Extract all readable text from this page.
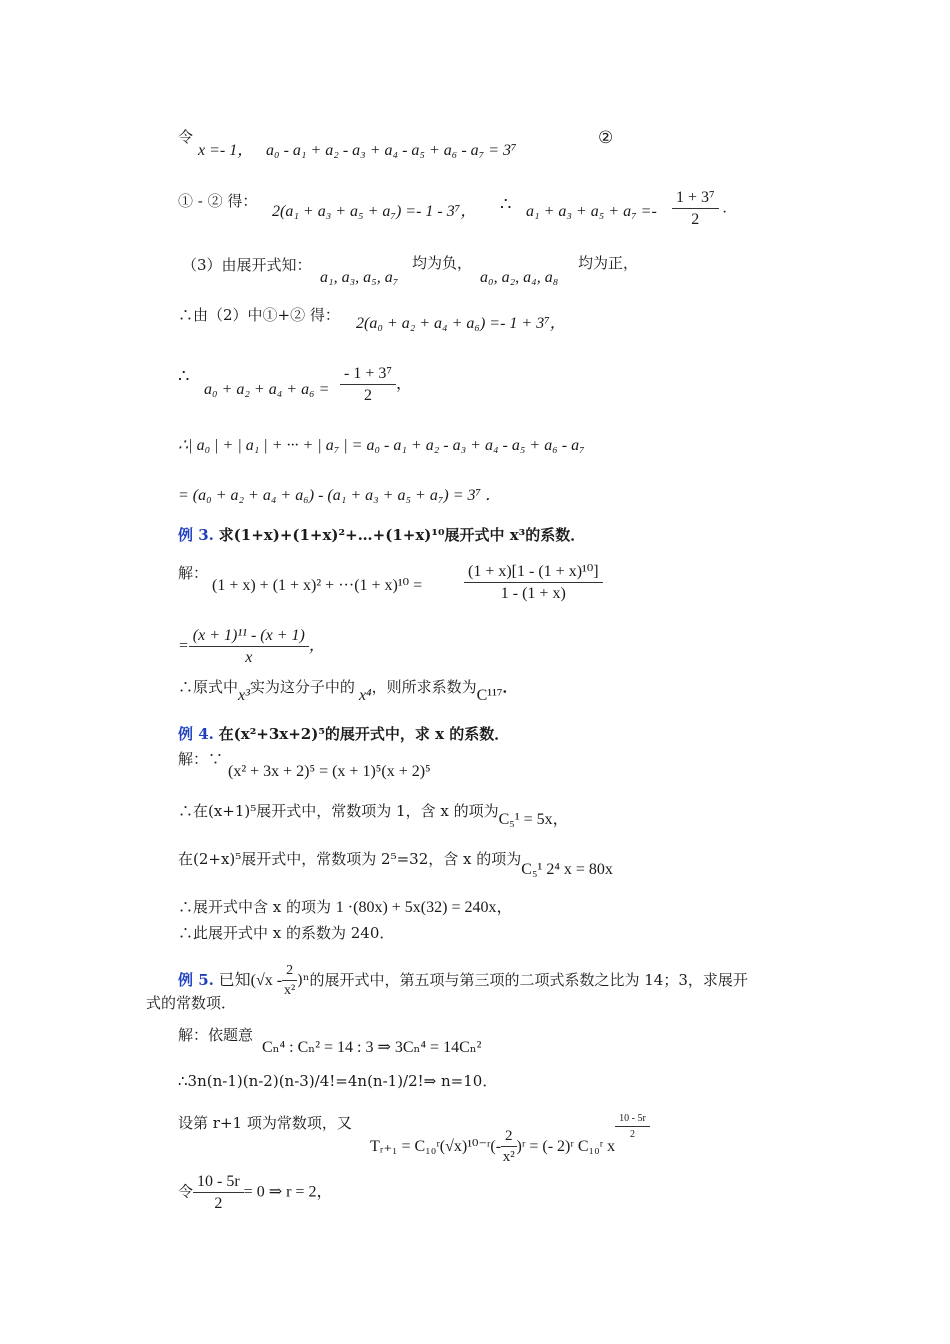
令
x =- 1， a₀ - a₁ + a₂ - a₃ + a₄ - a₅ + a₆ - a₇ = 3⁷
②
① - ② 得：
2(a₁ + a₃ + a₅ + a₇) =- 1 - 3⁷， ∴ $a_1 + a_3 + a_5 + a_7 =- \frac{\text{1 + 3⁷}}{2}$ .
（3）由展开式知：
a₁, a₃, a₅, a₇
均为负，
a₀, a₂, a₄, a₈
均为正，
∴由（2）中①+② 得： 2(a₀ + a₂ + a₄ + a₆) =- 1 + 3⁷，
∴
$a_0 + a_2 + a_4 + a_6 = \frac{\text{- 1 + 3⁷}}{2}$ ，
∴| a₀ | + | a₁ | + ··· + | a₇ | = a₀ - a₁ + a₂ - a₃ + a₄ - a₅ + a₆ - a₇
= (a₀ + a₂ + a₄ + a₆) - (a₁ + a₃ + a₅ + a₇) = 3⁷ ．
例 3. 求(1+x)+(1+x)²+…+(1+x)¹⁰展开式中 x³的系数．
解：
(1 + x) + (1 + x)² + ···(1 + x)¹⁰ =	$\frac{\text{(1 + x)[1 - (1 + x)¹⁰]}}{1 - (1 + x)}$
= $\frac{\text{(x + 1)¹¹ - (x + 1)}}{x}$ ，
∴原式中x³实为这分子中的 x⁴，则所求系数为C¹¹⁷．
例 4. 在(x²+3x+2)⁵的展开式中，求 x 的系数．
解：∵
(x² + 3x + 2)⁵ = (x + 1)⁵(x + 2)⁵
∴在(x+1)⁵展开式中，常数项为 1，含 x 的项为C₅¹ = 5x，
在(2+x)⁵展开式中，常数项为 2⁵=32，含 x 的项为C₅¹ 2⁴ x = 80x
∴展开式中含 x 的项为 1 ·(80x) + 5x(32) = 240x，
∴此展开式中 x 的系数为 240．
例 5. 已知$(√x - \frac{2}{\text{x²}} )^n$的展开式中，第五项与第三项的二项式系数之比为 14；3，求展开
式的常数项．
解：依题意
Cₙ⁴ : Cₙ² = 14 : 3 ⇒ 3Cₙ⁴ = 14Cₙ²
∴3n(n-1)(n-2)(n-3)/4!=4n(n-1)/2!⇒ n=10．
设第 r+1 项为常数项，又
Tᵣ₊₁ = C₁₀ʳ(√x)¹⁰⁻ʳ(- $\frac{2}{\text{x²}}$ )ʳ = (- 2)ʳ C₁₀ʳ x
$\frac{10 - 5r}{2}$
令 $\frac{10 - 5r}{2} = 0$ ⇒ r = 2，
